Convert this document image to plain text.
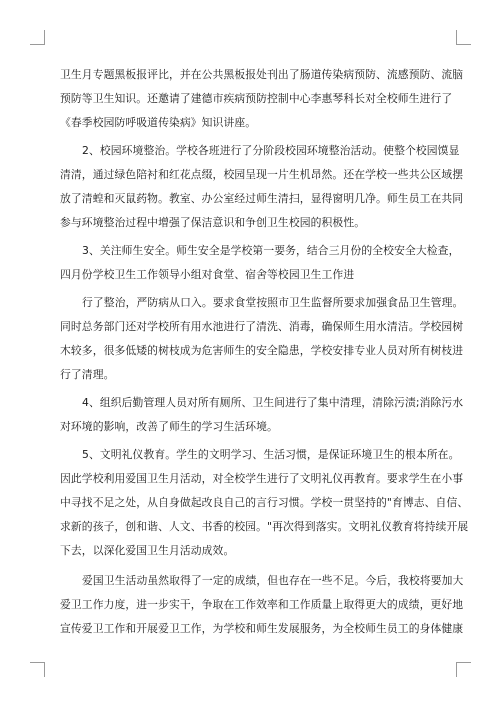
卫生月专题黑板报评比，并在公共黑板报处刊出了肠道传染病预防、流感预防、流脑
预防等卫生知识。还邀请了建德市疾病预防控制中心李惠琴科长对全校师生进行了
《春季校园防呼吸道传染病》知识讲座。
2、校园环境整治。学校各班进行了分阶段校园环境整治活动。使整个校园馍显
清清，通过绿色陪衬和红花点缀，校园呈现一片生机昂然。还在学校一些共公区域摆
放了清蝗和灭鼠药物。教室、办公室经过师生清扫，显得窗明几净。师生员工在共同
参与环境整治过程中增强了保洁意识和争创卫生校园的积极性。
3、关注师生安全。师生安全是学校第一要务，结合三月份的全校安全大检查，
四月份学校卫生工作领导小组对食堂、宿舍等校园卫生工作进
行了整治，严防病从口入。要求食堂按照市卫生监督所要求加强食品卫生管理。
同时总务部门还对学校所有用水池进行了清洗、消毒，确保师生用水清洁。学校园树
木较多，很多低矮的树枝成为危害师生的安全隐患，学校安排专业人员对所有树枝进
行了清理。
4、组织后勤管理人员对所有厕所、卫生间进行了集中清理，清除污渍;消除污水
对环境的影响，改善了师生的学习生活环境。
5、文明礼仪教育。学生的文明学习、生活习惯，是保证环境卫生的根本所在。
因此学校利用爱国卫生月活动，对全校学生进行了文明礼仪再教育。要求学生在小事
中寻找不足之处，从自身做起改良自己的言行习惯。学校一贯坚持的"育博志、自信、
求新的孩子，创和谐、人文、书香的校园。"再次得到落实。文明礼仪教育将持续开展
下去，以深化爱国卫生月活动成效。
爱国卫生活动虽然取得了一定的成绩，但也存在一些不足。今后，我校将要加大
爱卫工作力度，进一步实干，争取在工作效率和工作质量上取得更大的成绩，更好地
宣传爱卫工作和开展爱卫工作，为学校和师生发展服务，为全校师生员工的身体健康
